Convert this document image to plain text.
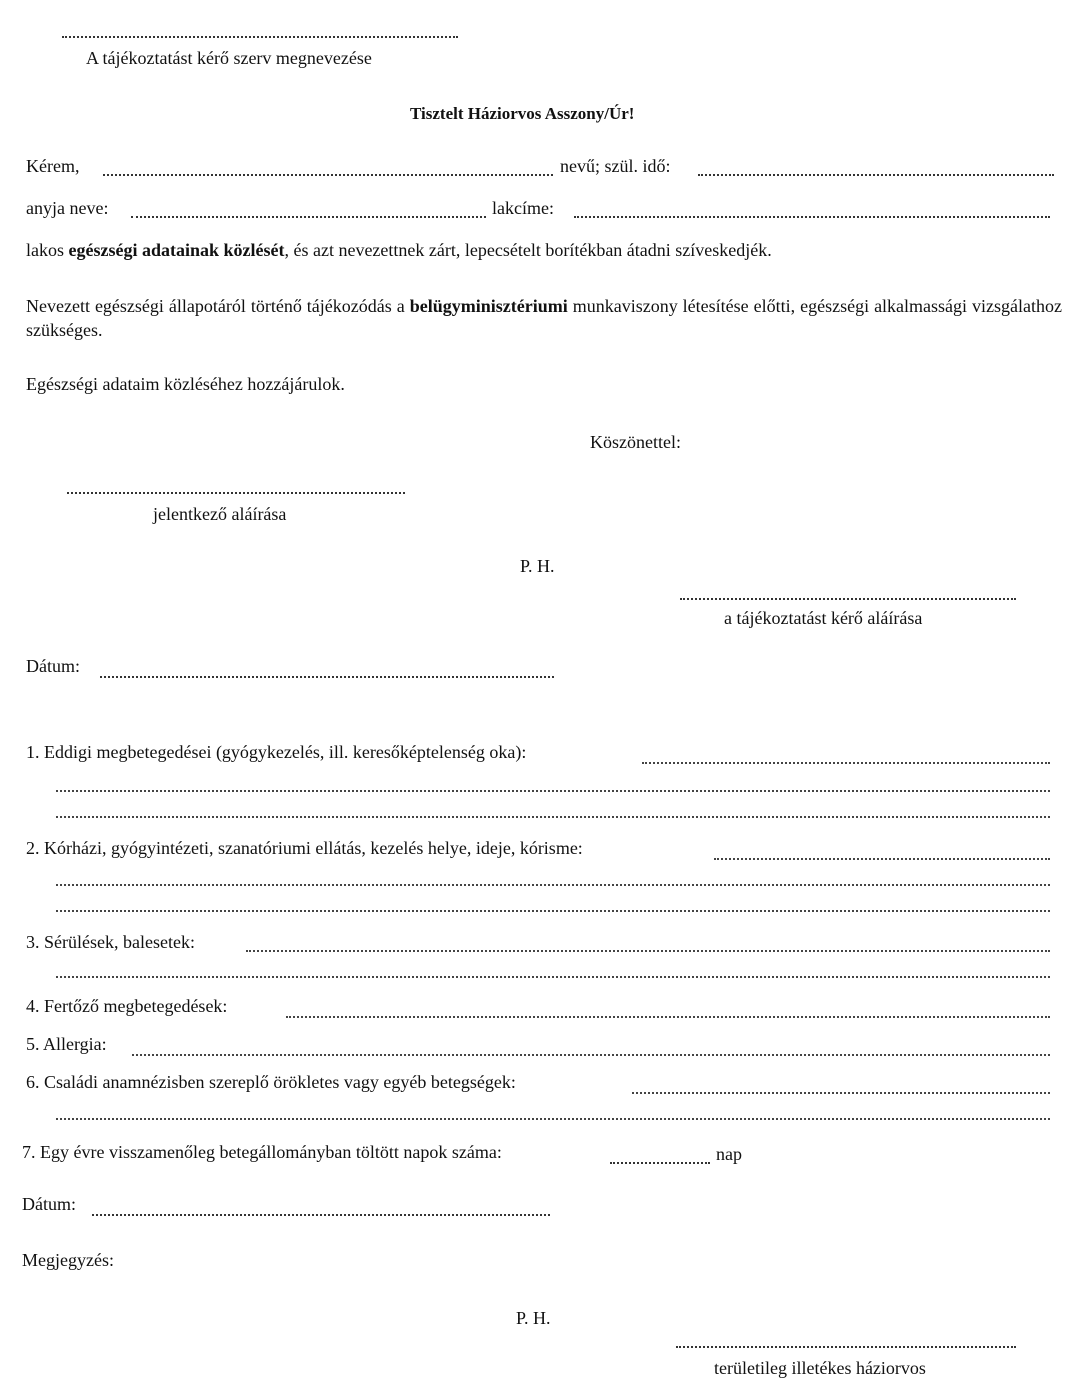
A tájékoztatást kérő szerv megnevezése
Tisztelt Háziorvos Asszony/Úr!
Kérem,	nevű; szül. idő:
anyja neve:	lakcíme:
lakos egészségi adatainak közlését, és azt nevezettnek zárt, lepecsételt borítékban átadni szíveskedjék.
Nevezett egészségi állapotáról történő tájékozódás a belügyminisztériumi munkaviszony létesítése előtti, egészségi alkalmassági vizsgálathoz szükséges.
Egészségi adataim közléséhez hozzájárulok.
Köszönettel:
jelentkező aláírása
P. H.
a tájékoztatást kérő aláírása
Dátum:
1. Eddigi megbetegedései (gyógykezelés, ill. keresőképtelenség oka):
2. Kórházi, gyógyintézeti, szanatóriumi ellátás, kezelés helye, ideje, kórisme:
3. Sérülések, balesetek:
4. Fertőző megbetegedések:
5. Allergia:
6. Családi anamnézisben szereplő örökletes vagy egyéb betegségek:
7. Egy évre visszamenőleg betegállományban töltött napok száma:	nap
Dátum:
Megjegyzés:
P. H.
területileg illetékes háziorvos
